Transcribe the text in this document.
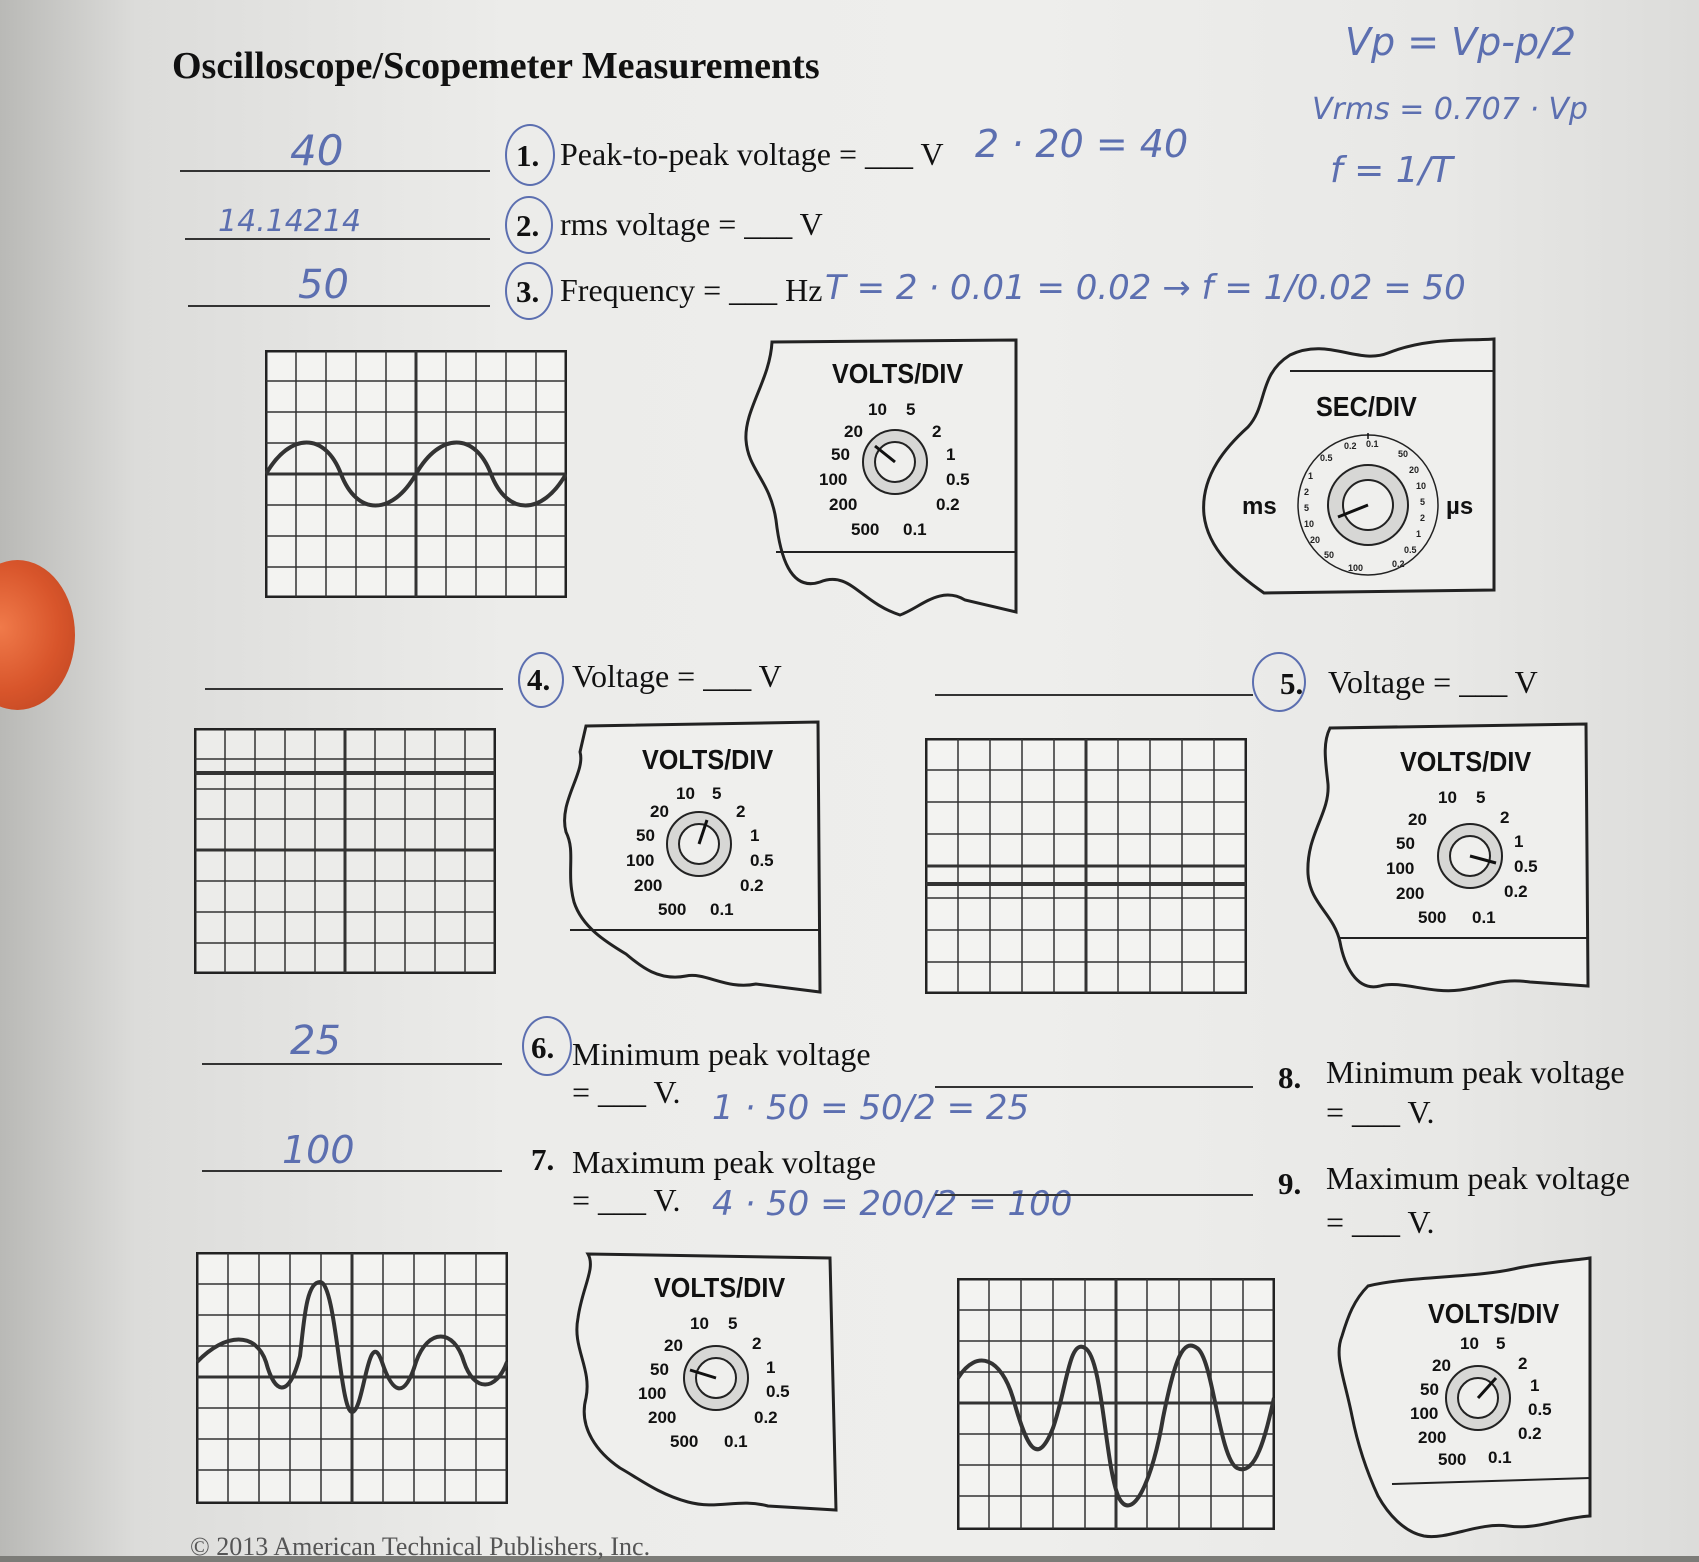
Oscilloscope/Scopemeter Measurements
Vp = Vp-p/2
Vrms = 0.707 · Vp
f = 1/T
40	1. Peak-to-peak voltage = ___ V 2 · 20 = 40
14.14214	2. rms voltage = ___ V
50	3. Frequency = ___ Hz T = 2 · 0.01 = 0.02 → f = 1/0.02 = 50
VOLTS/DIV
10 5
2
1
0.5
0.2
0.1
500
200
100
50
20
SEC/DIV
ms	µs
0.2 0.1
50
20
10
5
2
1
0.5
0.2
100
50
20
10
5
2
1
0.5
4. Voltage = ___ V	5. Voltage = ___ V
VOLTS/DIV
10 5
2
1
0.5
0.2
0.1
500
200
100
50
20
VOLTS/DIV
10 5
2
1
0.5
0.2
0.1
500
200
100
50
20
25	6. Minimum peak voltage
= ___ V. 1 · 50 = 50/2 = 25
100	7. Maximum peak voltage
= ___ V. 4 · 50 = 200/2 = 100
8. Minimum peak voltage
= ___ V.
9. Maximum peak voltage
= ___ V.
VOLTS/DIV
10 5
2
1
0.5
0.2
0.1
500
200
100
50
20
VOLTS/DIV
10 5
2
1
0.5
0.2
0.1
500
200
100
50
20
© 2013 American Technical Publishers, Inc.
